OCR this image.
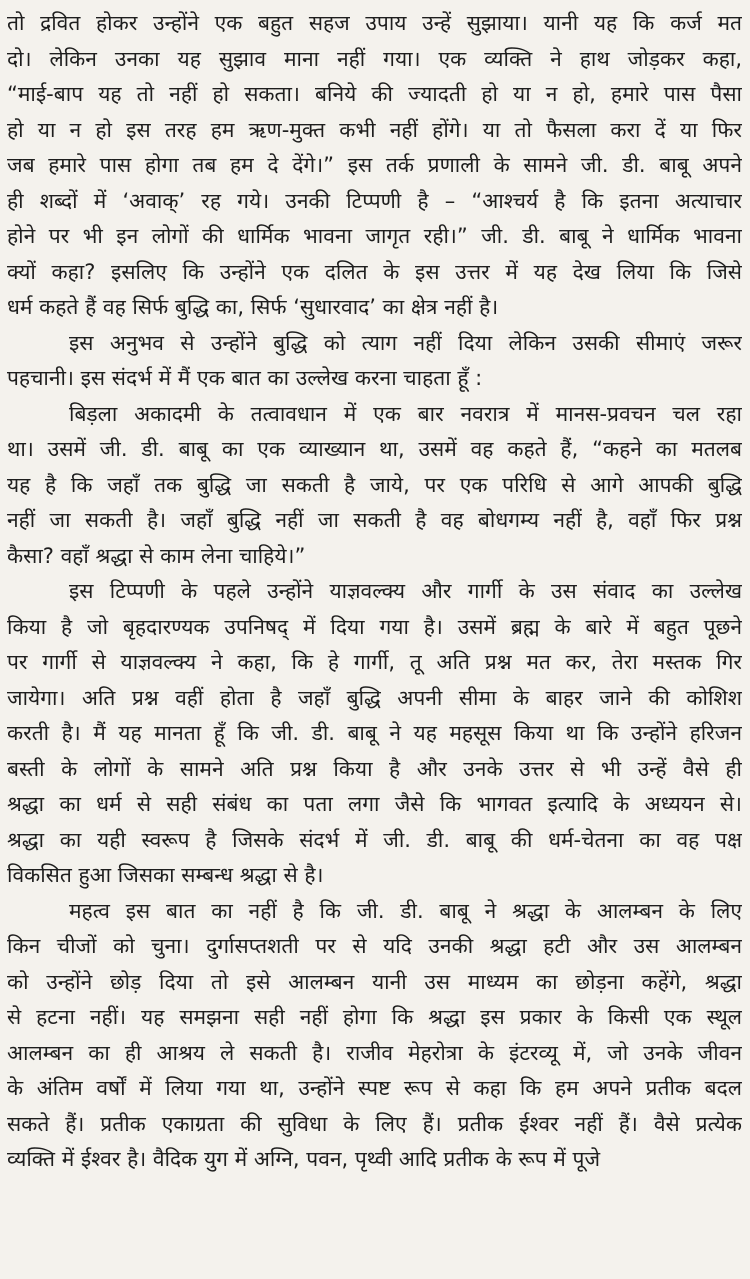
तो द्रवित होकर उन्होंने एक बहुत सहज उपाय उन्हें सुझाया। यानी यह कि कर्ज मत
दो। लेकिन उनका यह सुझाव माना नहीं गया। एक व्यक्ति ने हाथ जोड़कर कहा,
“माई-बाप यह तो नहीं हो सकता। बनिये की ज्यादती हो या न हो, हमारे पास पैसा
हो या न हो इस तरह हम ऋण-मुक्त कभी नहीं होंगे। या तो फैसला करा दें या फिर
जब हमारे पास होगा तब हम दे देंगे।” इस तर्क प्रणाली के सामने जी. डी. बाबू अपने
ही शब्दों में ‘अवाक्’ रह गये। उनकी टिप्पणी है – “आश्चर्य है कि इतना अत्याचार
होने पर भी इन लोगों की धार्मिक भावना जागृत रही।” जी. डी. बाबू ने धार्मिक भावना
क्यों कहा? इसलिए कि उन्होंने एक दलित के इस उत्तर में यह देख लिया कि जिसे
धर्म कहते हैं वह सिर्फ बुद्धि का, सिर्फ ‘सुधारवाद’ का क्षेत्र नहीं है।
इस अनुभव से उन्होंने बुद्धि को त्याग नहीं दिया लेकिन उसकी सीमाएं जरूर
पहचानी। इस संदर्भ में मैं एक बात का उल्लेख करना चाहता हूँ :
बिड़ला अकादमी के तत्वावधान में एक बार नवरात्र में मानस-प्रवचन चल रहा
था। उसमें जी. डी. बाबू का एक व्याख्यान था, उसमें वह कहते हैं, “कहने का मतलब
यह है कि जहाँ तक बुद्धि जा सकती है जाये, पर एक परिधि से आगे आपकी बुद्धि
नहीं जा सकती है। जहाँ बुद्धि नहीं जा सकती है वह बोधगम्य नहीं है, वहाँ फिर प्रश्न
कैसा? वहाँ श्रद्धा से काम लेना चाहिये।”
इस टिप्पणी के पहले उन्होंने याज्ञवल्क्य और गार्गी के उस संवाद का उल्लेख
किया है जो बृहदारण्यक उपनिषद् में दिया गया है। उसमें ब्रह्म के बारे में बहुत पूछने
पर गार्गी से याज्ञवल्क्य ने कहा, कि हे गार्गी, तू अति प्रश्न मत कर, तेरा मस्तक गिर
जायेगा। अति प्रश्न वहीं होता है जहाँ बुद्धि अपनी सीमा के बाहर जाने की कोशिश
करती है। मैं यह मानता हूँ कि जी. डी. बाबू ने यह महसूस किया था कि उन्होंने हरिजन
बस्ती के लोगों के सामने अति प्रश्न किया है और उनके उत्तर से भी उन्हें वैसे ही
श्रद्धा का धर्म से सही संबंध का पता लगा जैसे कि भागवत इत्यादि के अध्ययन से।
श्रद्धा का यही स्वरूप है जिसके संदर्भ में जी. डी. बाबू की धर्म-चेतना का वह पक्ष
विकसित हुआ जिसका सम्बन्ध श्रद्धा से है।
महत्व इस बात का नहीं है कि जी. डी. बाबू ने श्रद्धा के आलम्बन के लिए
किन चीजों को चुना। दुर्गासप्तशती पर से यदि उनकी श्रद्धा हटी और उस आलम्बन
को उन्होंने छोड़ दिया तो इसे आलम्बन यानी उस माध्यम का छोड़ना कहेंगे, श्रद्धा
से हटना नहीं। यह समझना सही नहीं होगा कि श्रद्धा इस प्रकार के किसी एक स्थूल
आलम्बन का ही आश्रय ले सकती है। राजीव मेहरोत्रा के इंटरव्यू में, जो उनके जीवन
के अंतिम वर्षों में लिया गया था, उन्होंने स्पष्ट रूप से कहा कि हम अपने प्रतीक बदल
सकते हैं। प्रतीक एकाग्रता की सुविधा के लिए हैं। प्रतीक ईश्वर नहीं हैं। वैसे प्रत्येक
व्यक्ति में ईश्वर है। वैदिक युग में अग्नि, पवन, पृथ्वी आदि प्रतीक के रूप में पूजे
